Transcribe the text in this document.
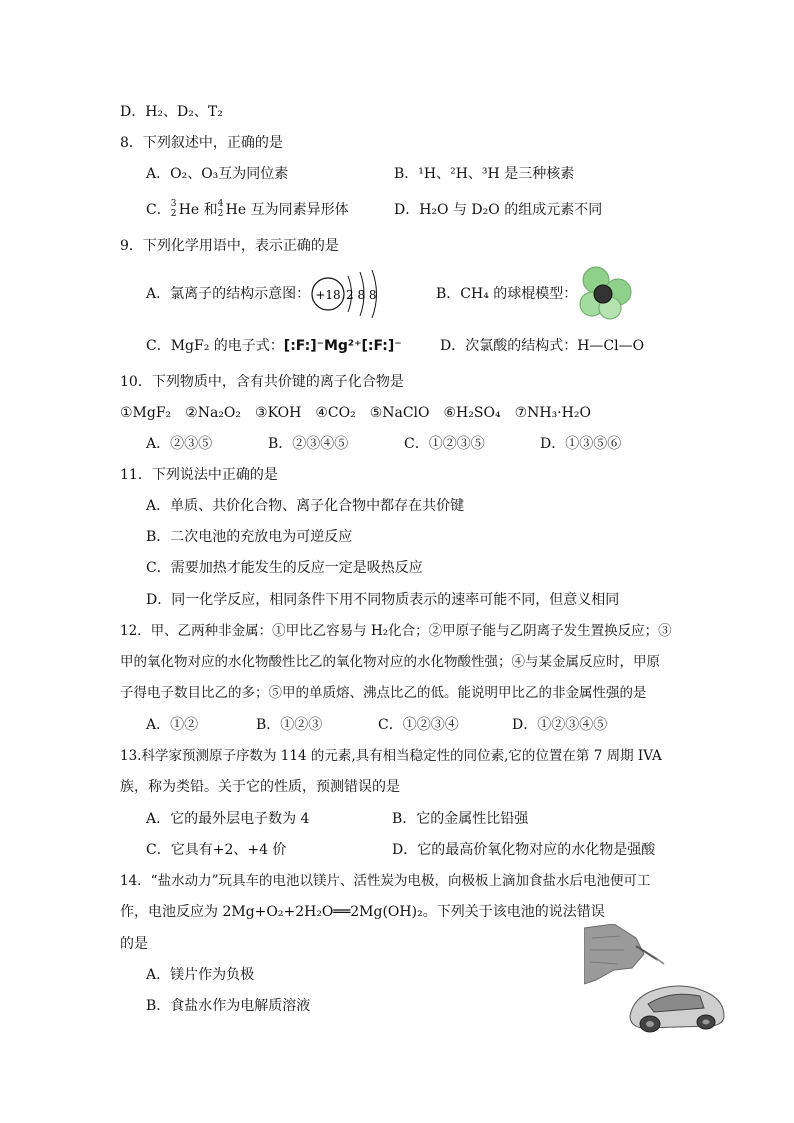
D．H₂、D₂、T₂
8．下列叙述中，正确的是
A．O₂、O₃互为同位素	B．¹H、²H、³H 是三种核素
C． 3
2 He 和 4
2 He 互为同素异形体	D．H₂O 与 D₂O 的组成元素不同
9．下列化学用语中，表示正确的是
A．氯离子的结构示意图： +18 2 8 8	B．CH₄ 的球棍模型：
C．MgF₂ 的电子式：[:F:]⁻Mg²⁺[:F:]⁻	D．次氯酸的结构式：H—Cl—O
10．下列物质中，含有共价键的离子化合物是
①MgF₂　②Na₂O₂　③KOH　④CO₂　⑤NaClO　⑥H₂SO₄　⑦NH₃·H₂O
A．②③⑤	B．②③④⑤	C．①②③⑤	D．①③⑤⑥
11．下列说法中正确的是
A．单质、共价化合物、离子化合物中都存在共价键
B．二次电池的充放电为可逆反应
C．需要加热才能发生的反应一定是吸热反应
D．同一化学反应，相同条件下用不同物质表示的速率可能不同，但意义相同
12．甲、乙两种非金属：①甲比乙容易与 H₂化合；②甲原子能与乙阴离子发生置换反应；③
甲的氧化物对应的水化物酸性比乙的氧化物对应的水化物酸性强；④与某金属反应时，甲原
子得电子数目比乙的多；⑤甲的单质熔、沸点比乙的低。能说明甲比乙的非金属性强的是
A．①②	B．①②③	C．①②③④	D．①②③④⑤
13.科学家预测原子序数为 114 的元素,具有相当稳定性的同位素,它的位置在第 7 周期 IVA
族，称为类铅。关于它的性质，预测错误的是
A．它的最外层电子数为 4	B．它的金属性比铅强
C．它具有+2、+4 价	D．它的最高价氧化物对应的水化物是强酸
14．“盐水动力”玩具车的电池以镁片、活性炭为电极，向极板上滴加食盐水后电池便可工
作，电池反应为 2Mg+O₂+2H₂O══2Mg(OH)₂。下列关于该电池的说法错误
的是
A．镁片作为负极
B．食盐水作为电解质溶液
